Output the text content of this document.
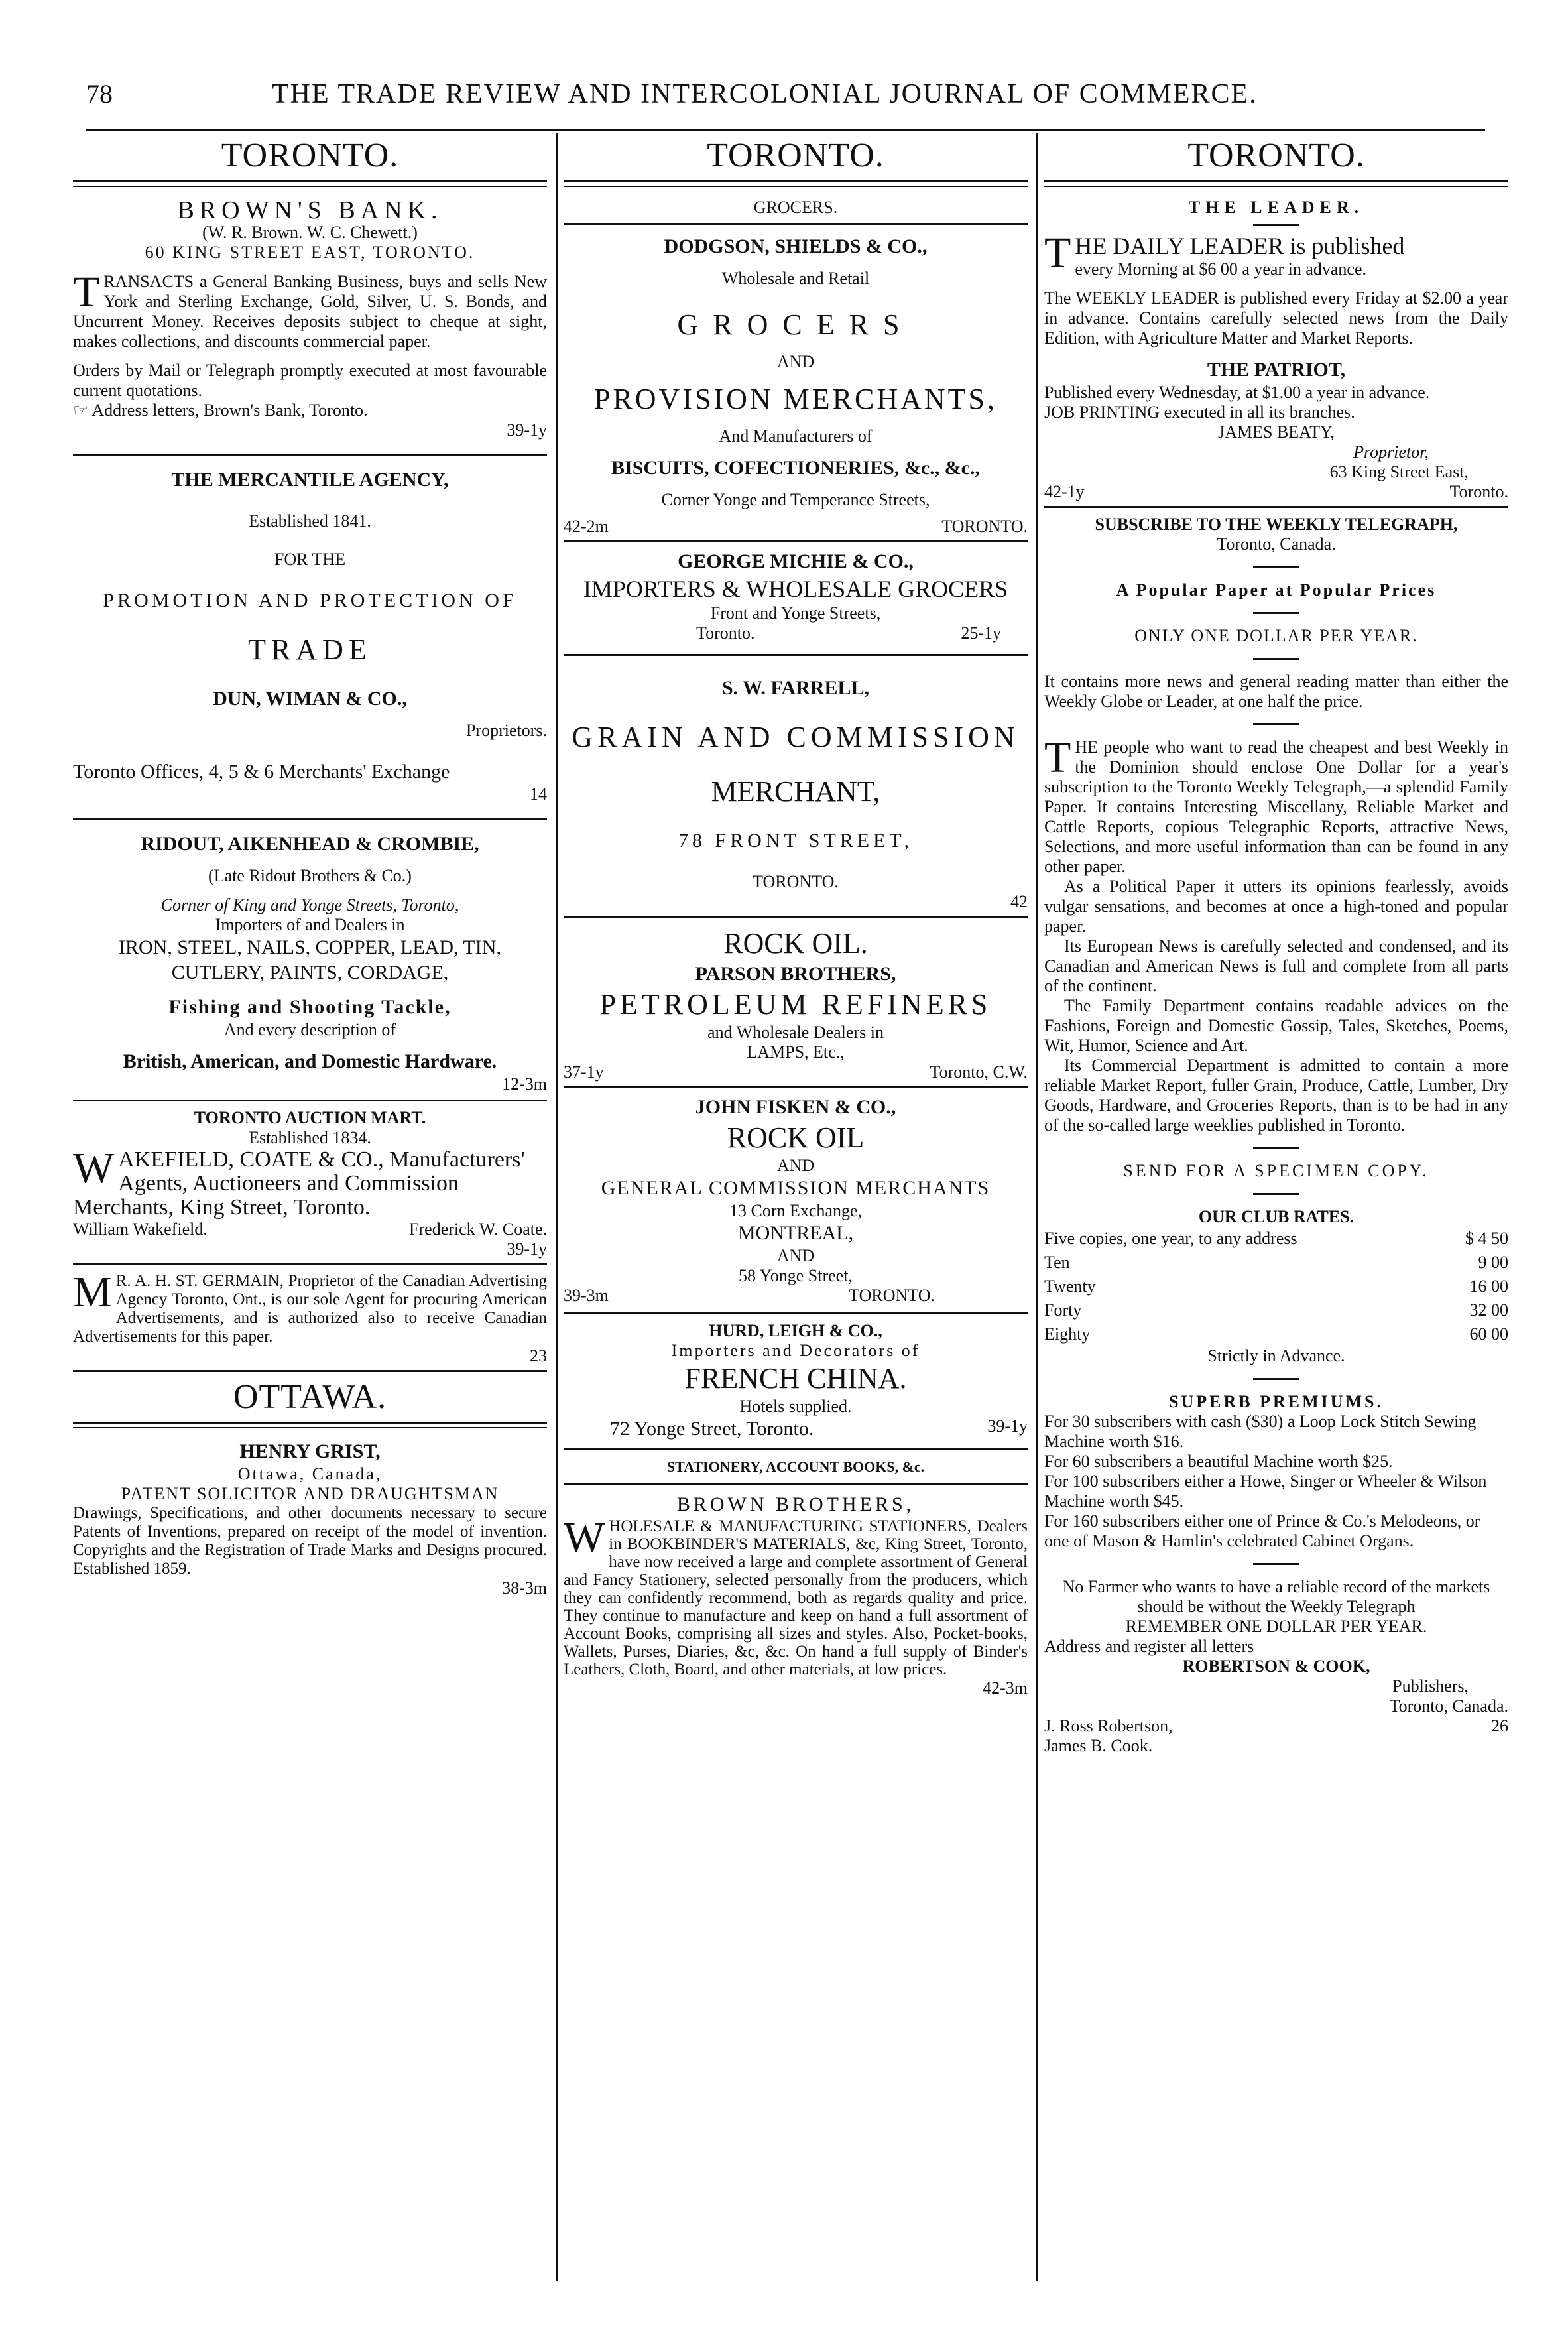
78	THE TRADE REVIEW AND INTERCOLONIAL JOURNAL OF COMMERCE.
TORONTO.

BROWN'S BANK.

(W. R. Brown. W. C. Chewett.)

60 KING STREET EAST, TORONTO.

TRANSACTS a General Banking Business, buys and sells New York and Sterling Exchange, Gold, Silver, U. S. Bonds, and Uncurrent Money. Receives deposits subject to cheque at sight, makes collections, and discounts commercial paper.

Orders by Mail or Telegraph promptly executed at most favourable current quotations.

☞ Address letters, Brown's Bank, Toronto.

39-1y

THE MERCANTILE AGENCY,

Established 1841.

FOR THE

PROMOTION AND PROTECTION OF

TRADE

DUN, WIMAN & CO.,

Proprietors.

Toronto Offices, 4, 5 & 6 Merchants' Exchange

14

RIDOUT, AIKENHEAD & CROMBIE,

(Late Ridout Brothers & Co.)

Corner of King and Yonge Streets, Toronto,

Importers of and Dealers in

IRON, STEEL, NAILS, COPPER, LEAD, TIN, CUTLERY, PAINTS, CORDAGE,

Fishing and Shooting Tackle,

And every description of

British, American, and Domestic Hardware.

12-3m

TORONTO AUCTION MART.

Established 1834.

WAKEFIELD, COATE & CO., Manufacturers' Agents, Auctioneers and Commission Merchants, King Street, Toronto.

William Wakefield.	Frederick W. Coate.

39-1y

M R. A. H. ST. GERMAIN, Proprietor of the Canadian Advertising Agency Toronto, Ont., is our sole Agent for procuring American Advertisements, and is authorized also to receive Canadian Advertisements for this paper.

23

OTTAWA.

HENRY GRIST,

Ottawa, Canada,

PATENT SOLICITOR AND DRAUGHTSMAN

Drawings, Specifications, and other documents necessary to secure Patents of Inventions, prepared on receipt of the model of invention. Copyrights and the Registration of Trade Marks and Designs procured. Established 1859.

38-3m

TORONTO.

GROCERS.

DODGSON, SHIELDS & CO.,

Wholesale and Retail

GROCERS

AND

PROVISION MERCHANTS,

And Manufacturers of

BISCUITS, COFECTIONERIES, &c., &c.,

Corner Yonge and Temperance Streets,

42-2m	TORONTO.

GEORGE MICHIE & CO.,

IMPORTERS & WHOLESALE GROCERS

Front and Yonge Streets,

Toronto.	25-1y

S. W. FARRELL,

GRAIN AND COMMISSION

MERCHANT,

78 FRONT STREET,

TORONTO.

42

ROCK OIL.

PARSON BROTHERS,

PETROLEUM REFINERS

and Wholesale Dealers in

LAMPS, Etc.,

37-1y	Toronto, C.W.

JOHN FISKEN & CO.,

ROCK OIL

AND

GENERAL COMMISSION MERCHANTS

13 Corn Exchange,

MONTREAL,

AND

58 Yonge Street,

39-3m	TORONTO.

HURD, LEIGH & CO.,

Importers and Decorators of

FRENCH CHINA.

Hotels supplied.

72 Yonge Street, Toronto.	39-1y

STATIONERY, ACCOUNT BOOKS, &c.

BROWN BROTHERS,

WHOLESALE & MANUFACTURING STATIONERS, Dealers in BOOKBINDER'S MATERIALS, &c, King Street, Toronto, have now received a large and complete assortment of General and Fancy Stationery, selected personally from the producers, which they can confidently recommend, both as regards quality and price. They continue to manufacture and keep on hand a full assortment of Account Books, comprising all sizes and styles. Also, Pocket-books, Wallets, Purses, Diaries, &c, &c. On hand a full supply of Binder's Leathers, Cloth, Board, and other materials, at low prices.

42-3m

TORONTO.

THE LEADER.

THE DAILY LEADER is published

every Morning at $6 00 a year in advance.

The WEEKLY LEADER is published every Friday at $2.00 a year in advance. Contains carefully selected news from the Daily Edition, with Agriculture Matter and Market Reports.

THE PATRIOT,

Published every Wednesday, at $1.00 a year in advance.

JOB PRINTING executed in all its branches.

JAMES BEATY,

Proprietor,

63 King Street East,

42-1y	Toronto.

SUBSCRIBE TO THE WEEKLY TELEGRAPH,

Toronto, Canada.

A Popular Paper at Popular Prices

ONLY ONE DOLLAR PER YEAR.

It contains more news and general reading matter than either the Weekly Globe or Leader, at one half the price.

THE people who want to read the cheapest and best Weekly in the Dominion should enclose One Dollar for a year's subscription to the Toronto Weekly Telegraph,—a splendid Family Paper. It contains Interesting Miscellany, Reliable Market and Cattle Reports, copious Telegraphic Reports, attractive News, Selections, and more useful information than can be found in any other paper.

As a Political Paper it utters its opinions fearlessly, avoids vulgar sensations, and becomes at once a high-toned and popular paper.

Its European News is carefully selected and condensed, and its Canadian and American News is full and complete from all parts of the continent.

The Family Department contains readable advices on the Fashions, Foreign and Domestic Gossip, Tales, Sketches, Poems, Wit, Humor, Science and Art.

Its Commercial Department is admitted to contain a more reliable Market Report, fuller Grain, Produce, Cattle, Lumber, Dry Goods, Hardware, and Groceries Reports, than is to be had in any of the so-called large weeklies published in Toronto.

SEND FOR A SPECIMEN COPY.

OUR CLUB RATES.

Five copies, one year, to any address	$ 4 50
Ten	9 00
Twenty	16 00
Forty	32 00
Eighty	60 00

Strictly in Advance.

SUPERB PREMIUMS.

For 30 subscribers with cash ($30) a Loop Lock Stitch Sewing Machine worth $16.

For 60 subscribers a beautiful Machine worth $25.

For 100 subscribers either a Howe, Singer or Wheeler & Wilson Machine worth $45.

For 160 subscribers either one of Prince & Co.'s Melodeons, or one of Mason & Hamlin's celebrated Cabinet Organs.

No Farmer who wants to have a reliable record of the markets should be without the Weekly Telegraph

REMEMBER ONE DOLLAR PER YEAR.

Address and register all letters

ROBERTSON & COOK,

Publishers,

Toronto, Canada.

J. Ross Robertson,	26

James B. Cook.
